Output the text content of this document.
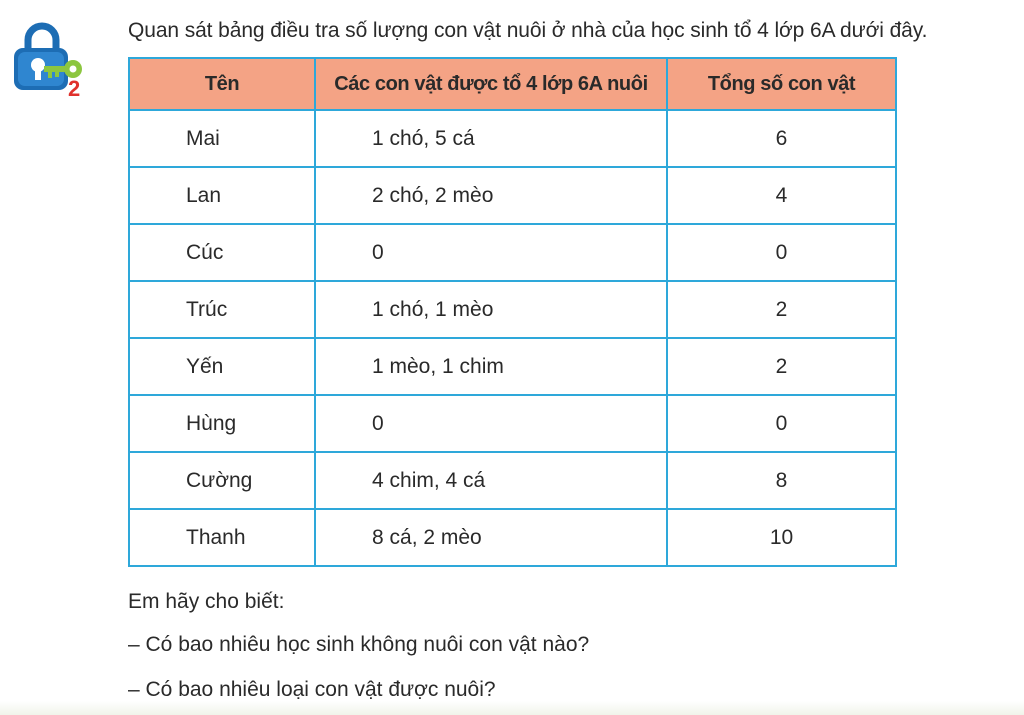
2
Quan sát bảng điều tra số lượng con vật nuôi ở nhà của học sinh tổ 4 lớp 6A dưới đây.
Tên	Các con vật được tổ 4 lớp 6A nuôi	Tổng số con vật
Mai	1 chó, 5 cá	6
Lan	2 chó, 2 mèo	4
Cúc	0	0
Trúc	1 chó, 1 mèo	2
Yến	1 mèo, 1 chim	2
Hùng	0	0
Cường	4 chim, 4 cá	8
Thanh	8 cá, 2 mèo	10
Em hãy cho biết:
– Có bao nhiêu học sinh không nuôi con vật nào?
– Có bao nhiêu loại con vật được nuôi?
